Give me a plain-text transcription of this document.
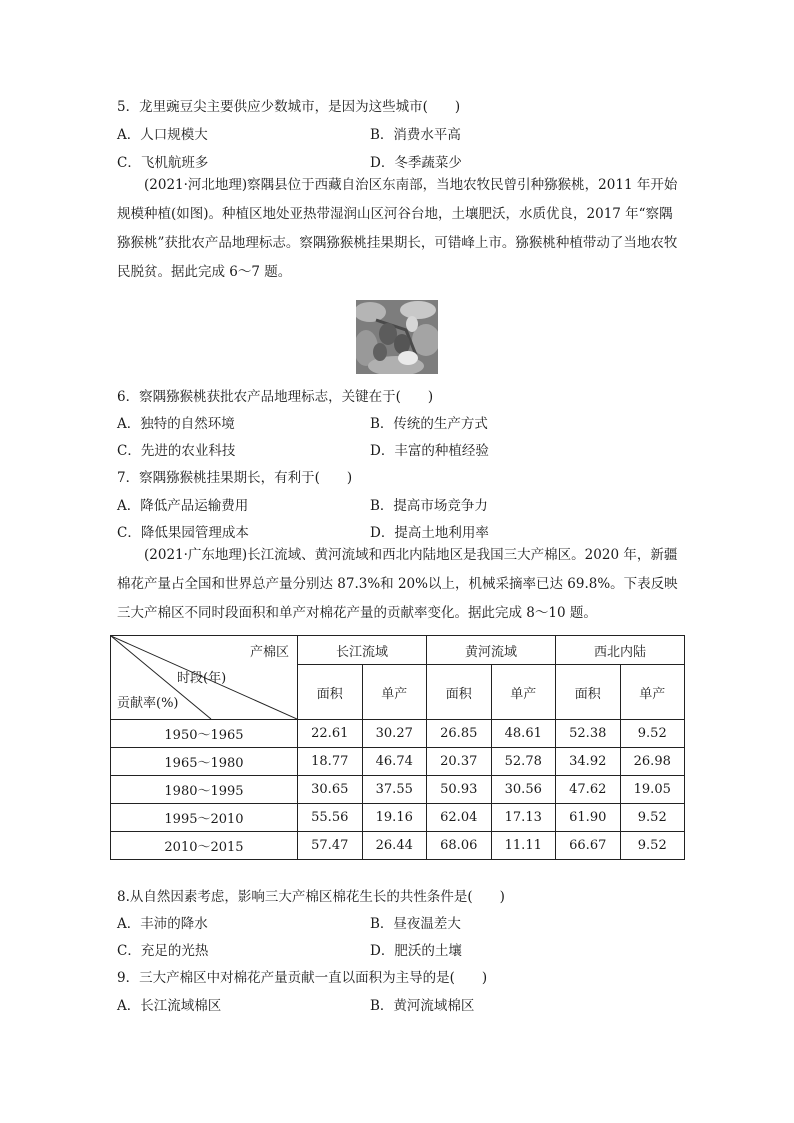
5．龙里豌豆尖主要供应少数城市，是因为这些城市(　　)
A．人口规模大	B．消费水平高
C．飞机航班多	D．冬季蔬菜少
(2021·河北地理)察隅县位于西藏自治区东南部，当地农牧民曾引种猕猴桃，2011 年开始规模种植(如图)。种植区地处亚热带湿润山区河谷台地，土壤肥沃，水质优良，2017 年“察隅猕猴桃”获批农产品地理标志。察隅猕猴桃挂果期长，可错峰上市。猕猴桃种植带动了当地农牧民脱贫。据此完成 6～7 题。
6．察隅猕猴桃获批农产品地理标志，关键在于(　　)
A．独特的自然环境	B．传统的生产方式
C．先进的农业科技	D．丰富的种植经验
7．察隅猕猴桃挂果期长，有利于(　　)
A．降低产品运输费用	B．提高市场竞争力
C．降低果园管理成本	D．提高土地利用率
(2021·广东地理)长江流域、黄河流域和西北内陆地区是我国三大产棉区。2020 年，新疆棉花产量占全国和世界总产量分别达 87.3%和 20%以上，机械采摘率已达 69.8%。下表反映三大产棉区不同时段面积和单产对棉花产量的贡献率变化。据此完成 8～10 题。
产棉区
时段(年)
贡献率(%)	长江流域		黄河流域		西北内陆	
	面积	单产	面积	单产	面积	单产
1950～1965	22.61	30.27	26.85	48.61	52.38	9.52
1965～1980	18.77	46.74	20.37	52.78	34.92	26.98
1980～1995	30.65	37.55	50.93	30.56	47.62	19.05
1995～2010	55.56	19.16	62.04	17.13	61.90	9.52
2010～2015	57.47	26.44	68.06	11.11	66.67	9.52
8.从自然因素考虑，影响三大产棉区棉花生长的共性条件是(　　)
A．丰沛的降水	B．昼夜温差大
C．充足的光热	D．肥沃的土壤
9．三大产棉区中对棉花产量贡献一直以面积为主导的是(　　)
A．长江流域棉区	B．黄河流域棉区
